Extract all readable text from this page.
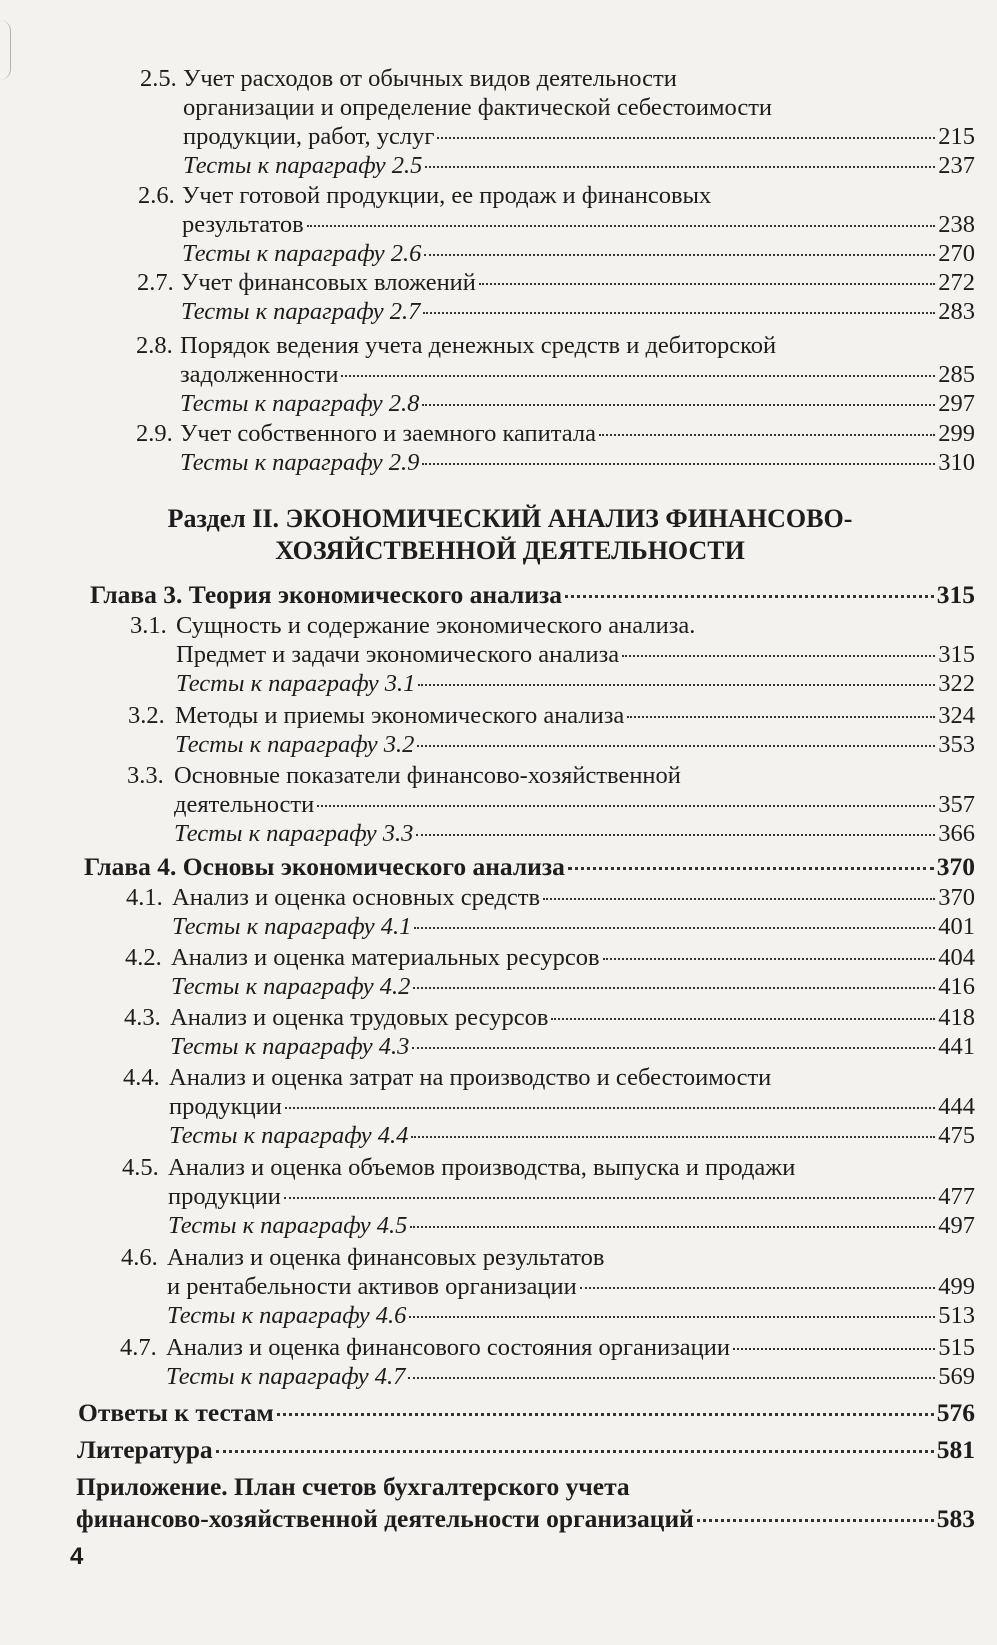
2.5. Учет расходов от обычных видов деятельности
организации и определение фактической себестоимости
продукции, работ, услуг	215
Тесты к параграфу 2.5	237
2.6. Учет готовой продукции, ее продаж и финансовых
результатов	238
Тесты к параграфу 2.6	270
2.7. Учет финансовых вложений	272
Тесты к параграфу 2.7	283
2.8. Порядок ведения учета денежных средств и дебиторской
задолженности	285
Тесты к параграфу 2.8	297
2.9. Учет собственного и заемного капитала	299
Тесты к параграфу 2.9	310
Раздел II. ЭКОНОМИЧЕСКИЙ АНАЛИЗ ФИНАНСОВО-
ХОЗЯЙСТВЕННОЙ ДЕЯТЕЛЬНОСТИ
Глава 3. Теория экономического анализа	315
3.1. Сущность и содержание экономического анализа.
Предмет и задачи экономического анализа	315
Тесты к параграфу 3.1	322
3.2. Методы и приемы экономического анализа	324
Тесты к параграфу 3.2	353
3.3. Основные показатели финансово-хозяйственной
деятельности	357
Тесты к параграфу 3.3	366
Глава 4. Основы экономического анализа	370
4.1. Анализ и оценка основных средств	370
Тесты к параграфу 4.1	401
4.2. Анализ и оценка материальных ресурсов	404
Тесты к параграфу 4.2	416
4.3. Анализ и оценка трудовых ресурсов	418
Тесты к параграфу 4.3	441
4.4. Анализ и оценка затрат на производство и себестоимости
продукции	444
Тесты к параграфу 4.4	475
4.5. Анализ и оценка объемов производства, выпуска и продажи
продукции	477
Тесты к параграфу 4.5	497
4.6. Анализ и оценка финансовых результатов
и рентабельности активов организации	499
Тесты к параграфу 4.6	513
4.7. Анализ и оценка финансового состояния организации	515
Тесты к параграфу 4.7	569
Ответы к тестам	576
Литература	581
Приложение. План счетов бухгалтерского учета
финансово-хозяйственной деятельности организаций	583
4
